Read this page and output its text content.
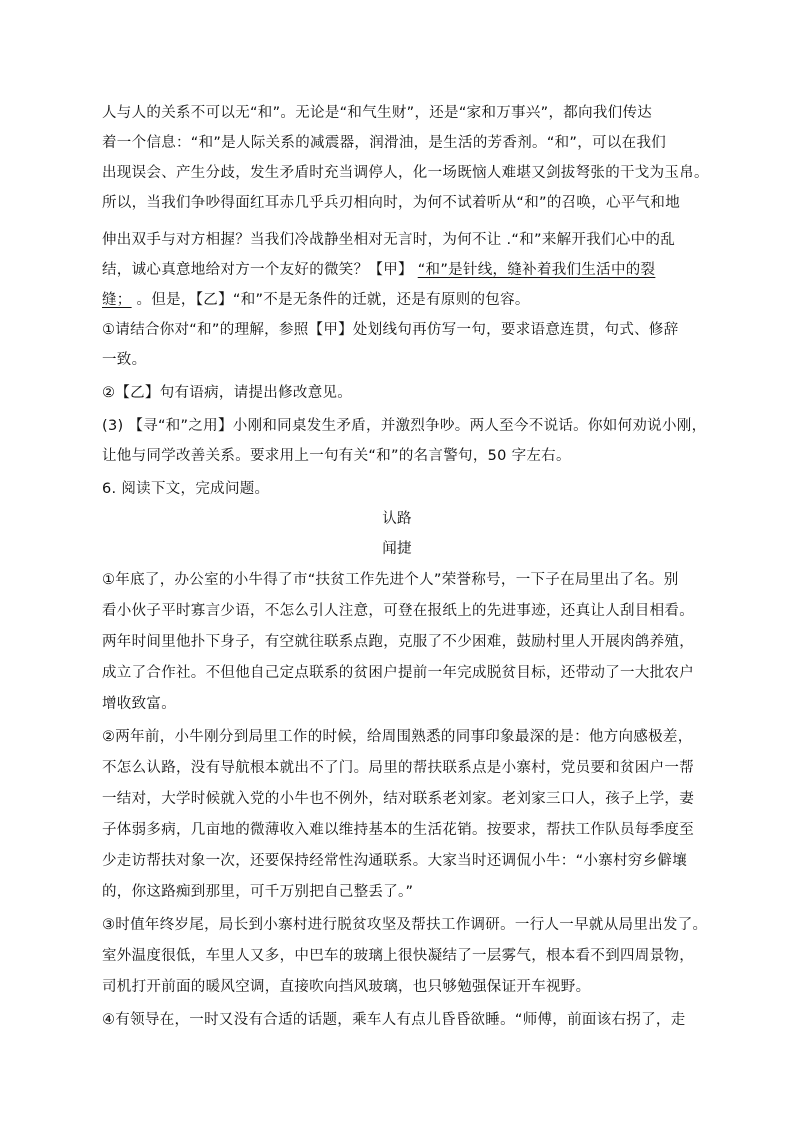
人与人的关系不可以无“和”。无论是“和气生财”，还是“家和万事兴”，都向我们传达
着一个信息：“和”是人际关系的减震器，润滑油，是生活的芳香剂。“和”，可以在我们
出现误会、产生分歧，发生矛盾时充当调停人，化一场既恼人难堪又剑拔弩张的干戈为玉帛。
所以，当我们争吵得面红耳赤几乎兵刃相向时，为何不试着听从“和”的召唤，心平气和地
伸出双手与对方相握？当我们冷战静坐相对无言时，为何不让 .“和”来解开我们心中的乱
结，诚心真意地给对方一个友好的微笑？【甲】 “和”是针线，缝补着我们生活中的裂
缝； 。但是，【乙】“和”不是无条件的迁就，还是有原则的包容。
①请结合你对“和”的理解，参照【甲】处划线句再仿写一句，要求语意连贯，句式、修辞
一致。
②【乙】句有语病，请提出修改意见。
(3) 【寻“和”之用】小刚和同桌发生矛盾，并激烈争吵。两人至今不说话。你如何劝说小刚，
让他与同学改善关系。要求用上一句有关“和”的名言警句，50 字左右。
6. 阅读下文，完成问题。
认路
闻捷
①年底了，办公室的小牛得了市“扶贫工作先进个人”荣誉称号，一下子在局里出了名。别
看小伙子平时寡言少语，不怎么引人注意，可登在报纸上的先进事迹，还真让人刮目相看。
两年时间里他扑下身子，有空就往联系点跑，克服了不少困难，鼓励村里人开展肉鸽养殖，
成立了合作社。不但他自己定点联系的贫困户提前一年完成脱贫目标，还带动了一大批农户
增收致富。
②两年前，小牛刚分到局里工作的时候，给周围熟悉的同事印象最深的是：他方向感极差，
不怎么认路，没有导航根本就出不了门。局里的帮扶联系点是小寨村，党员要和贫困户一帮
一结对，大学时候就入党的小牛也不例外，结对联系老刘家。老刘家三口人，孩子上学，妻
子体弱多病，几亩地的微薄收入难以维持基本的生活花销。按要求，帮扶工作队员每季度至
少走访帮扶对象一次，还要保持经常性沟通联系。大家当时还调侃小牛：“小寨村穷乡僻壤
的，你这路痴到那里，可千万别把自己整丢了。”
③时值年终岁尾，局长到小寨村进行脱贫攻坚及帮扶工作调研。一行人一早就从局里出发了。
室外温度很低，车里人又多，中巴车的玻璃上很快凝结了一层雾气，根本看不到四周景物，
司机打开前面的暖风空调，直接吹向挡风玻璃，也只够勉强保证开车视野。
④有领导在，一时又没有合适的话题，乘车人有点儿昏昏欲睡。“师傅，前面该右拐了，走
